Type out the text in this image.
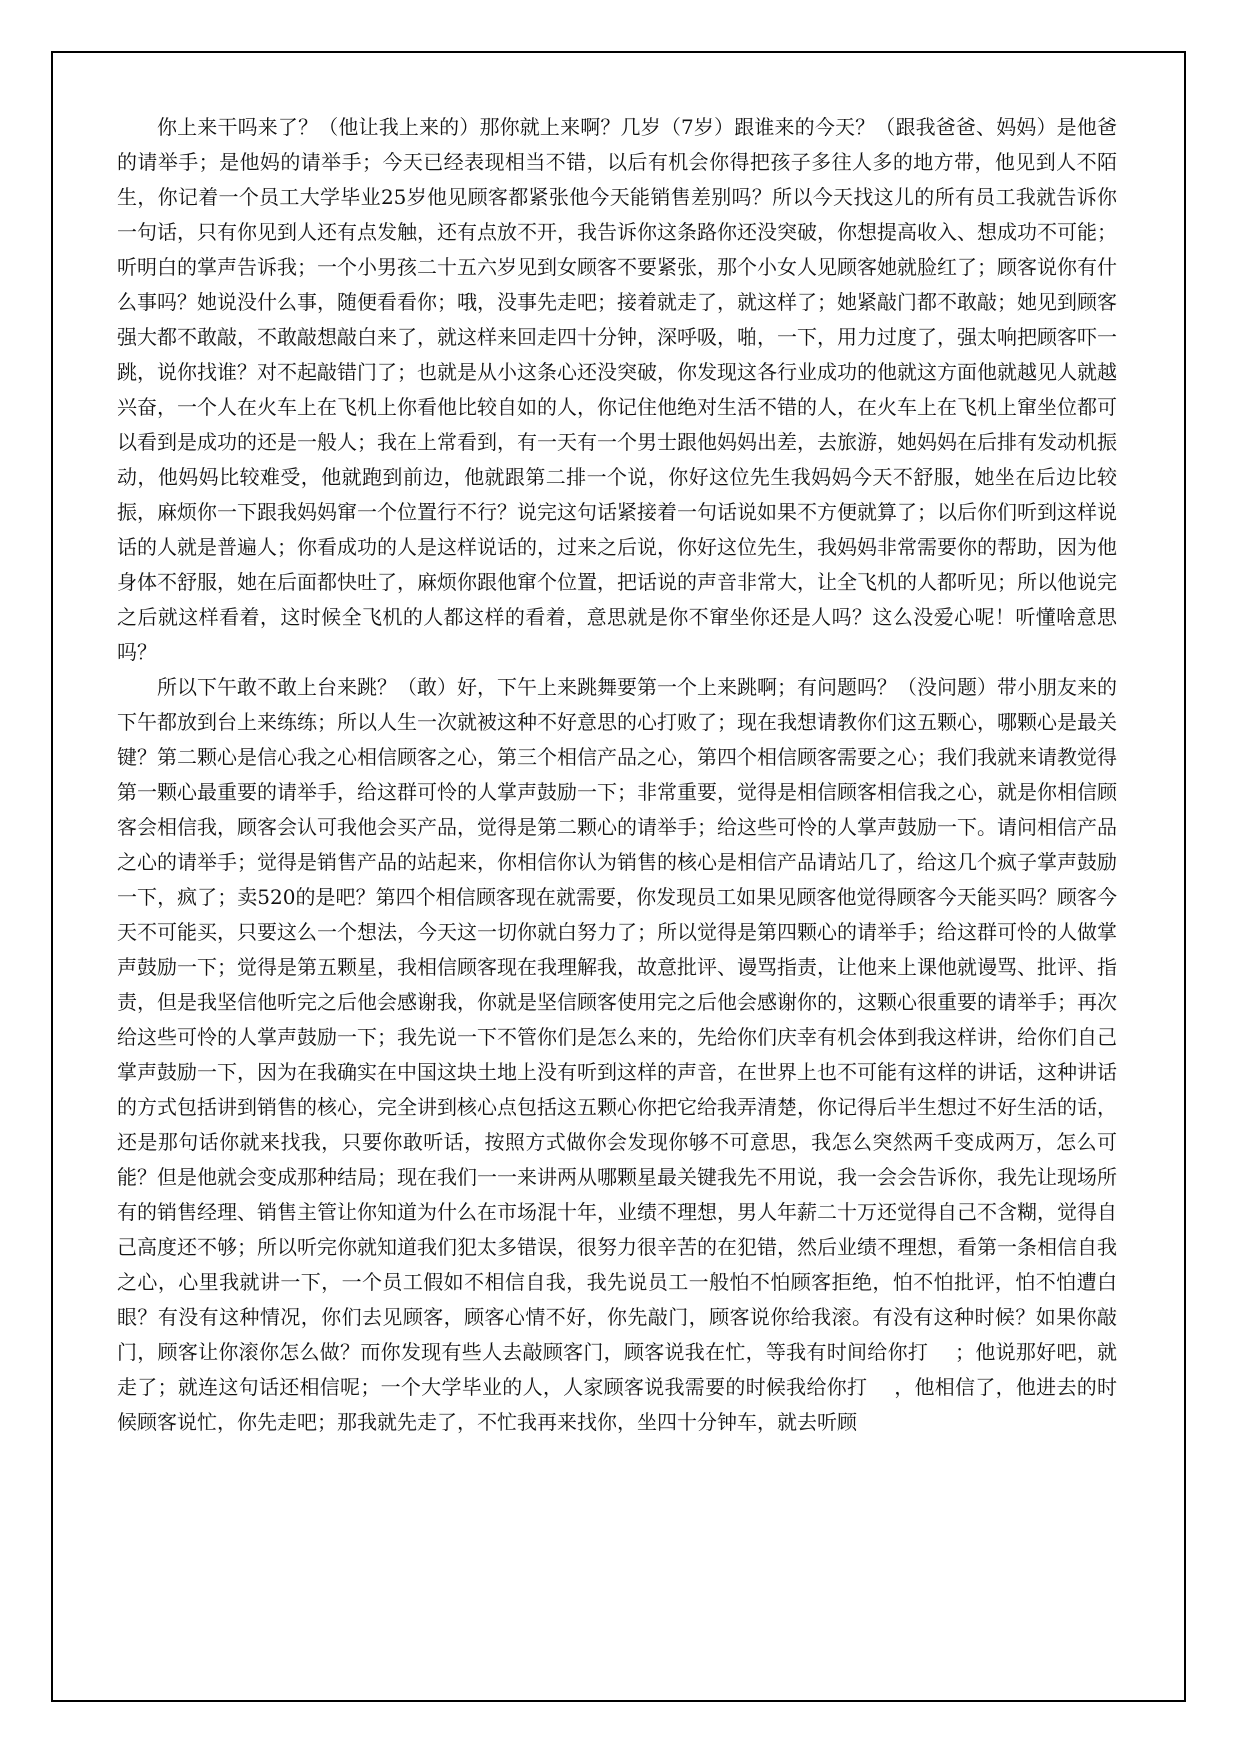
你上来干吗来了？（他让我上来的）那你就上来啊？几岁（7岁）跟谁来的今天？（跟我爸爸、妈妈）是他爸的请举手；是他妈的请举手；今天已经表现相当不错，以后有机会你得把孩子多往人多的地方带，他见到人不陌生，你记着一个员工大学毕业25岁他见顾客都紧张他今天能销售差别吗？所以今天找这儿的所有员工我就告诉你一句话，只有你见到人还有点发触，还有点放不开，我告诉你这条路你还没突破，你想提高收入、想成功不可能；听明白的掌声告诉我；一个小男孩二十五六岁见到女顾客不要紧张，那个小女人见顾客她就脸红了；顾客说你有什么事吗？她说没什么事，随便看看你；哦，没事先走吧；接着就走了，就这样了；她紧敲门都不敢敲；她见到顾客强大都不敢敲，不敢敲想敲白来了，就这样来回走四十分钟，深呼吸，啪，一下，用力过度了，强太响把顾客吓一跳，说你找谁？对不起敲错门了；也就是从小这条心还没突破，你发现这各行业成功的他就这方面他就越见人就越兴奋，一个人在火车上在飞机上你看他比较自如的人，你记住他绝对生活不错的人，在火车上在飞机上窜坐位都可以看到是成功的还是一般人；我在上常看到，有一天有一个男士跟他妈妈出差，去旅游，她妈妈在后排有发动机振动，他妈妈比较难受，他就跑到前边，他就跟第二排一个说，你好这位先生我妈妈今天不舒服，她坐在后边比较振，麻烦你一下跟我妈妈窜一个位置行不行？说完这句话紧接着一句话说如果不方便就算了；以后你们听到这样说话的人就是普遍人；你看成功的人是这样说话的，过来之后说，你好这位先生，我妈妈非常需要你的帮助，因为他身体不舒服，她在后面都快吐了，麻烦你跟他窜个位置，把话说的声音非常大，让全飞机的人都听见；所以他说完之后就这样看着，这时候全飞机的人都这样的看着，意思就是你不窜坐你还是人吗？这么没爱心呢！听懂啥意思吗？

所以下午敢不敢上台来跳？（敢）好，下午上来跳舞要第一个上来跳啊；有问题吗？（没问题）带小朋友来的下午都放到台上来练练；所以人生一次就被这种不好意思的心打败了；现在我想请教你们这五颗心，哪颗心是最关键？第二颗心是信心我之心相信顾客之心，第三个相信产品之心，第四个相信顾客需要之心；我们我就来请教觉得第一颗心最重要的请举手，给这群可怜的人掌声鼓励一下；非常重要，觉得是相信顾客相信我之心，就是你相信顾客会相信我，顾客会认可我他会买产品，觉得是第二颗心的请举手；给这些可怜的人掌声鼓励一下。请问相信产品之心的请举手；觉得是销售产品的站起来，你相信你认为销售的核心是相信产品请站几了，给这几个疯子掌声鼓励一下，疯了；卖520的是吧？第四个相信顾客现在就需要，你发现员工如果见顾客他觉得顾客今天能买吗？顾客今天不可能买，只要这么一个想法，今天这一切你就白努力了；所以觉得是第四颗心的请举手；给这群可怜的人做掌声鼓励一下；觉得是第五颗星，我相信顾客现在我理解我，故意批评、谩骂指责，让他来上课他就谩骂、批评、指责，但是我坚信他听完之后他会感谢我，你就是坚信顾客使用完之后他会感谢你的，这颗心很重要的请举手；再次给这些可怜的人掌声鼓励一下；我先说一下不管你们是怎么来的，先给你们庆幸有机会体到我这样讲，给你们自己掌声鼓励一下，因为在我确实在中国这块土地上没有听到这样的声音，在世界上也不可能有这样的讲话，这种讲话的方式包括讲到销售的核心，完全讲到核心点包括这五颗心你把它给我弄清楚，你记得后半生想过不好生活的话，还是那句话你就来找我，只要你敢听话，按照方式做你会发现你够不可意思，我怎么突然两千变成两万，怎么可能？但是他就会变成那种结局；现在我们一一来讲两从哪颗星最关键我先不用说，我一会会告诉你，我先让现场所有的销售经理、销售主管让你知道为什么在市场混十年，业绩不理想，男人年薪二十万还觉得自己不含糊，觉得自己高度还不够；所以听完你就知道我们犯太多错误，很努力很辛苦的在犯错，然后业绩不理想，看第一条相信自我之心，心里我就讲一下，一个员工假如不相信自我，我先说员工一般怕不怕顾客拒绝，怕不怕批评，怕不怕遭白眼？有没有这种情况，你们去见顾客，顾客心情不好，你先敲门，顾客说你给我滚。有没有这种时候？如果你敲门，顾客让你滚你怎么做？而你发现有些人去敲顾客门，顾客说我在忙，等我有时间给你打　 ；他说那好吧，就走了；就连这句话还相信呢；一个大学毕业的人，人家顾客说我需要的时候我给你打　 ，他相信了，他进去的时候顾客说忙，你先走吧；那我就先走了，不忙我再来找你，坐四十分钟车，就去听顾
